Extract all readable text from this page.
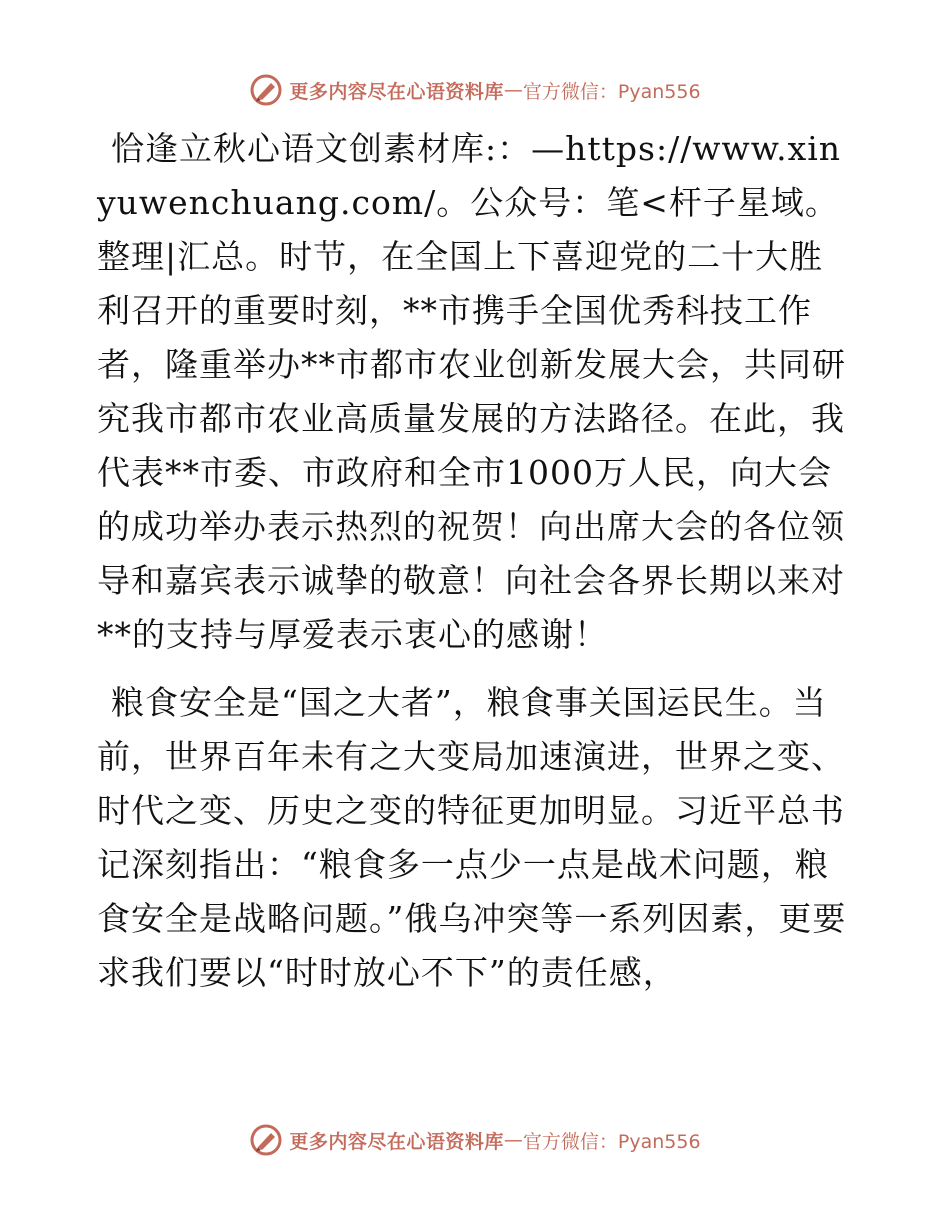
更多内容尽在心语资料库 — 官方微信：Pyan556

恰逢立秋心语文创素材库:：—https://www.xinyuwenchuang.com/。公众号：笔<杆子星域。整理|汇总。时节，在全国上下喜迎党的二十大胜利召开的重要时刻，**市携手全国优秀科技工作者，隆重举办**市都市农业创新发展大会，共同研究我市都市农业高质量发展的方法路径。在此，我代表**市委、市政府和全市1000万人民，向大会的成功举办表示热烈的祝贺！向出席大会的各位领导和嘉宾表示诚挚的敬意！向社会各界长期以来对**的支持与厚爱表示衷心的感谢！

粮食安全是“国之大者”，粮食事关国运民生。当前，世界百年未有之大变局加速演进，世界之变、时代之变、历史之变的特征更加明显。习近平总书记深刻指出：“粮食多一点少一点是战术问题，粮食安全是战略问题。”俄乌冲突等一系列因素，更要求我们要以“时时放心不下”的责任感，

更多内容尽在心语资料库 — 官方微信：Pyan556
